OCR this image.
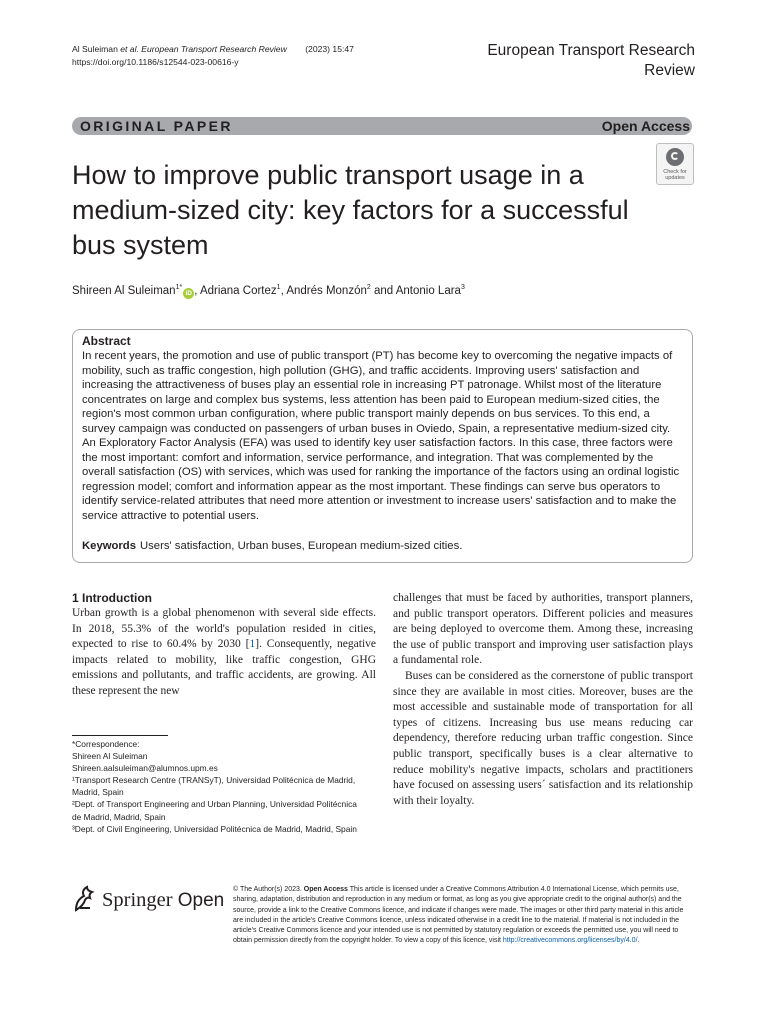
Al Suleiman et al. European Transport Research Review (2023) 15:47
https://doi.org/10.1186/s12544-023-00616-y
European Transport Research Review
ORIGINAL PAPER	Open Access
Check for updates
How to improve public transport usage in a medium-sized city: key factors for a successful bus system
Shireen Al Suleiman$^{1*}$iD , Adriana Cortez$^1$, Andrés Monzón$^2$ and Antonio Lara$^3$
Abstract
In recent years, the promotion and use of public transport (PT) has become key to overcoming the negative impacts of mobility, such as traffic congestion, high pollution (GHG), and traffic accidents. Improving users' satisfaction and increasing the attractiveness of buses play an essential role in increasing PT patronage. Whilst most of the literature concentrates on large and complex bus systems, less attention has been paid to European medium-sized cities, the region's most common urban configuration, where public transport mainly depends on bus services. To this end, a survey campaign was conducted on passengers of urban buses in Oviedo, Spain, a representative medium-sized city. An Exploratory Factor Analysis (EFA) was used to identify key user satisfaction factors. In this case, three factors were the most important: comfort and information, service performance, and integration. That was complemented by the overall satisfaction (OS) with services, which was used for ranking the importance of the factors using an ordinal logistic regression model; comfort and information appear as the most important. These findings can serve bus operators to identify service-related attributes that need more attention or investment to increase users' satisfaction and to make the service attractive to potential users.
Keywords Users' satisfaction, Urban buses, European medium-sized cities.
1 Introduction

Urban growth is a global phenomenon with several side effects. In 2018, 55.3% of the world's population resided in cities, expected to rise to 60.4% by 2030 [1]. Consequently, negative impacts related to mobility, like traffic congestion, GHG emissions and pollutants, and traffic accidents, are growing. All these represent the new

challenges that must be faced by authorities, transport planners, and public transport operators. Different policies and measures are being deployed to overcome them. Among these, increasing the use of public transport and improving user satisfaction plays a fundamental role.

Buses can be considered as the cornerstone of public transport since they are available in most cities. Moreover, buses are the most accessible and sustainable mode of transportation for all types of citizens. Increasing bus use means reducing car dependency, therefore reducing urban traffic congestion. Since public transport, specifically buses is a clear alternative to reduce mobility's negative impacts, scholars and practitioners have focused on assessing users´ satisfaction and its relationship with their loyalty.

*Correspondence:
Shireen Al Suleiman
Shireen.aalsuleiman@alumnos.upm.es
¹Transport Research Centre (TRANSyT), Universidad Politécnica de Madrid, Madrid, Spain
²Dept. of Transport Engineering and Urban Planning, Universidad Politécnica de Madrid, Madrid, Spain
³Dept. of Civil Engineering, Universidad Politécnica de Madrid, Madrid, Spain
Springer Open
© The Author(s) 2023. Open Access This article is licensed under a Creative Commons Attribution 4.0 International License, which permits use, sharing, adaptation, distribution and reproduction in any medium or format, as long as you give appropriate credit to the original author(s) and the source, provide a link to the Creative Commons licence, and indicate if changes were made. The images or other third party material in this article are included in the article's Creative Commons licence, unless indicated otherwise in a credit line to the material. If material is not included in the article's Creative Commons licence and your intended use is not permitted by statutory regulation or exceeds the permitted use, you will need to obtain permission directly from the copyright holder. To view a copy of this licence, visit http://creativecommons.org/licenses/by/4.0/.
